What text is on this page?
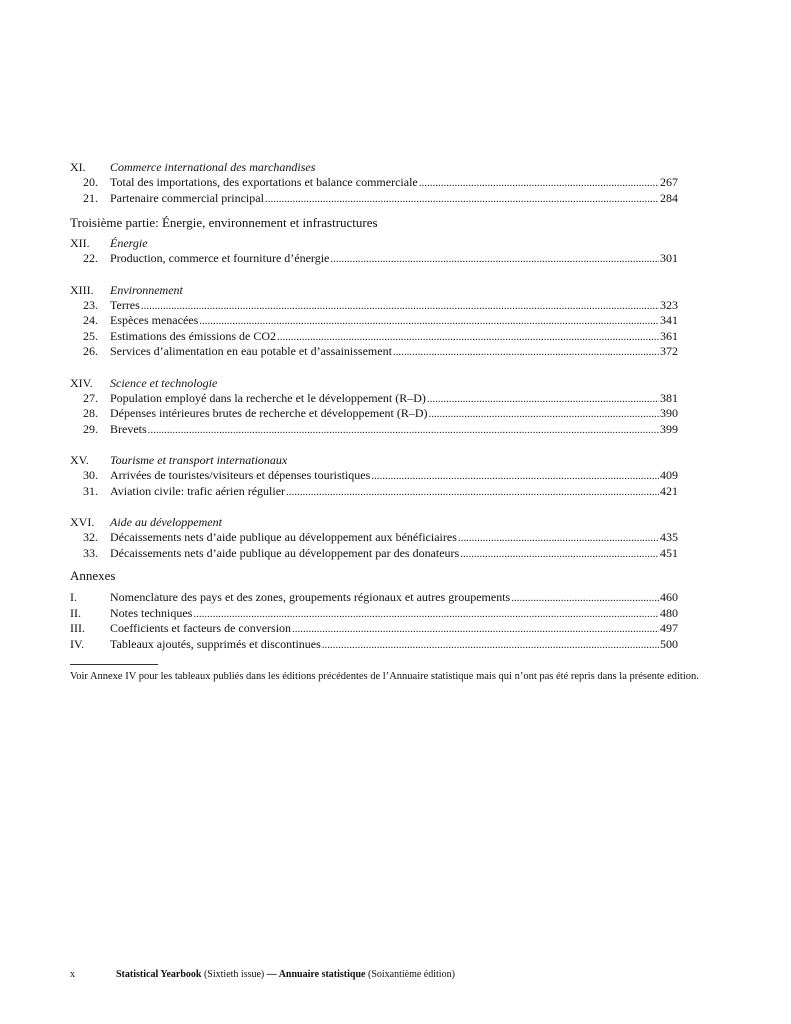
XI.	Commerce international des marchandises
20.	Total des importations, des exportations et balance commerciale .....	267
21.	Partenaire commercial principal .....	284
Troisième partie: Énergie, environnement et infrastructures
XII.	Énergie
22.	Production, commerce et fourniture d’énergie .....	301
XIII.	Environnement
23.	Terres .....	323
24.	Espèces menacées .....	341
25.	Estimations des émissions de CO2 .....	361
26.	Services d’alimentation en eau potable et d’assainissement .....	372
XIV.	Science et technologie
27.	Population employé dans la recherche et le développement (R–D) .....	381
28.	Dépenses intérieures brutes de recherche et développement (R–D) .....	390
29.	Brevets .....	399
XV.	Tourisme et transport internationaux
30.	Arrivées de touristes/visiteurs et dépenses touristiques .....	409
31.	Aviation civile: trafic aérien régulier .....	421
XVI.	Aide au développement
32.	Décaissements nets d’aide publique au développement aux bénéficiaires .....	435
33.	Décaissements nets d’aide publique au développement par des donateurs .....	451
Annexes
I.	Nomenclature des pays et des zones, groupements régionaux et autres groupements .....	460
II.	Notes techniques .....	480
III.	Coefficients et facteurs de conversion .....	497
IV.	Tableaux ajoutés, supprimés et discontinues .....	500
Voir Annexe IV pour les tableaux publiés dans les éditions précédentes de l’Annuaire statistique mais qui n’ont pas été repris dans la présente edition.
x	Statistical Yearbook (Sixtieth issue) — Annuaire statistique (Soixantième édition)
